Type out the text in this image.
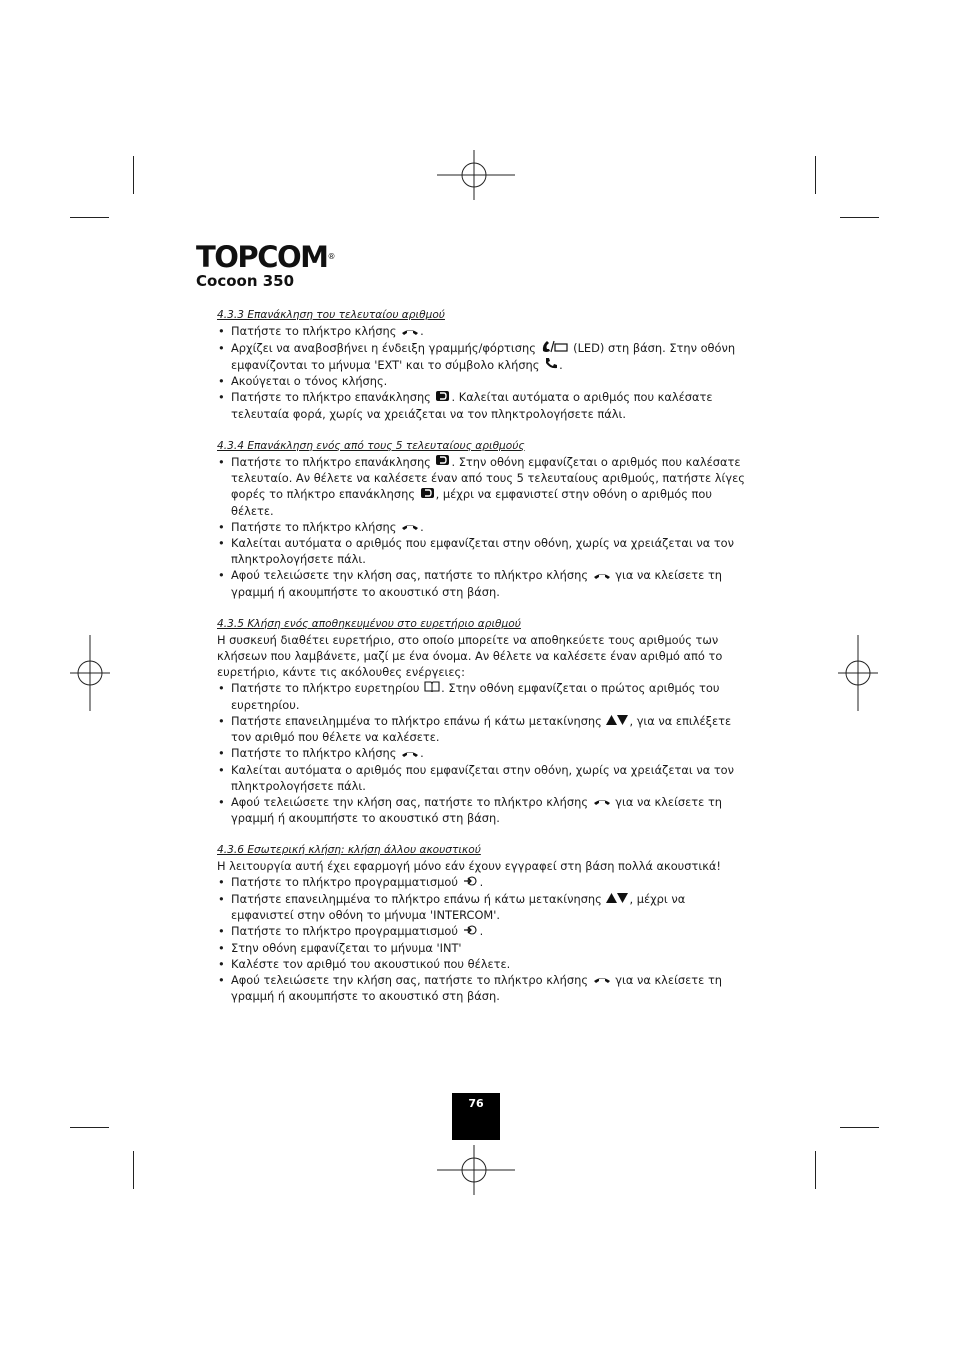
TOPCOM®
Cocoon 350

4.3.3 Επανάκληση του τελευταίου αριθμού

• Πατήστε το πλήκτρο κλήσης .
• Αρχίζει να αναβοσβήνει η ένδειξη γραμμής/φόρτισης	(LED) στη βάση. Στην οθόνη εμφανίζονται το μήνυμα 'EXT' και το σύμβολο κλήσης .
• Ακούγεται ο τόνος κλήσης.
• Πατήστε το πλήκτρο επανάκλησης . Καλείται αυτόματα ο αριθμός που καλέσατε τελευταία φορά, χωρίς να χρειάζεται να τον πληκτρολογήσετε πάλι.

4.3.4 Επανάκληση ενός από τους 5 τελευταίους αριθμούς

• Πατήστε το πλήκτρο επανάκλησης . Στην οθόνη εμφανίζεται ο αριθμός που καλέσατε τελευταίο. Αν θέλετε να καλέσετε έναν από τους 5 τελευταίους αριθμούς, πατήστε λίγες φορές το πλήκτρο επανάκλησης , μέχρι να εμφανιστεί στην οθόνη ο αριθμός που θέλετε.
• Πατήστε το πλήκτρο κλήσης .
• Καλείται αυτόματα ο αριθμός που εμφανίζεται στην οθόνη, χωρίς να χρειάζεται να τον πληκτρολογήσετε πάλι.
• Αφού τελειώσετε την κλήση σας, πατήστε το πλήκτρο κλήσης  για να κλείσετε τη γραμμή ή ακουμπήστε το ακουστικό στη βάση.

4.3.5 Κλήση ενός αποθηκευμένου στο ευρετήριο αριθμού

Η συσκευή διαθέτει ευρετήριο, στο οποίο μπορείτε να αποθηκεύετε τους αριθμούς των κλήσεων που λαμβάνετε, μαζί με ένα όνομα. Αν θέλετε να καλέσετε έναν αριθμό από το ευρετήριο, κάντε τις ακόλουθες ενέργειες:

• Πατήστε το πλήκτρο ευρετηρίου . Στην οθόνη εμφανίζεται ο πρώτος αριθμός του ευρετηρίου.
• Πατήστε επανειλημμένα το πλήκτρο επάνω ή κάτω μετακίνησης , για να επιλέξετε τον αριθμό που θέλετε να καλέσετε.
• Πατήστε το πλήκτρο κλήσης .
• Καλείται αυτόματα ο αριθμός που εμφανίζεται στην οθόνη, χωρίς να χρειάζεται να τον πληκτρολογήσετε πάλι.
• Αφού τελειώσετε την κλήση σας, πατήστε το πλήκτρο κλήσης  για να κλείσετε τη γραμμή ή ακουμπήστε το ακουστικό στη βάση.

4.3.6 Εσωτερική κλήση: κλήση άλλου ακουστικού

Η λειτουργία αυτή έχει εφαρμογή μόνο εάν έχουν εγγραφεί στη βάση πολλά ακουστικά!

• Πατήστε το πλήκτρο προγραμματισμού .
• Πατήστε επανειλημμένα το πλήκτρο επάνω ή κάτω μετακίνησης , μέχρι να εμφανιστεί στην οθόνη το μήνυμα 'INTERCOM'.
• Πατήστε το πλήκτρο προγραμματισμού .
• Στην οθόνη εμφανίζεται το μήνυμα 'INT'
• Καλέστε τον αριθμό του ακουστικού που θέλετε.
• Αφού τελειώσετε την κλήση σας, πατήστε το πλήκτρο κλήσης  για να κλείσετε τη γραμμή ή ακουμπήστε το ακουστικό στη βάση.
76
